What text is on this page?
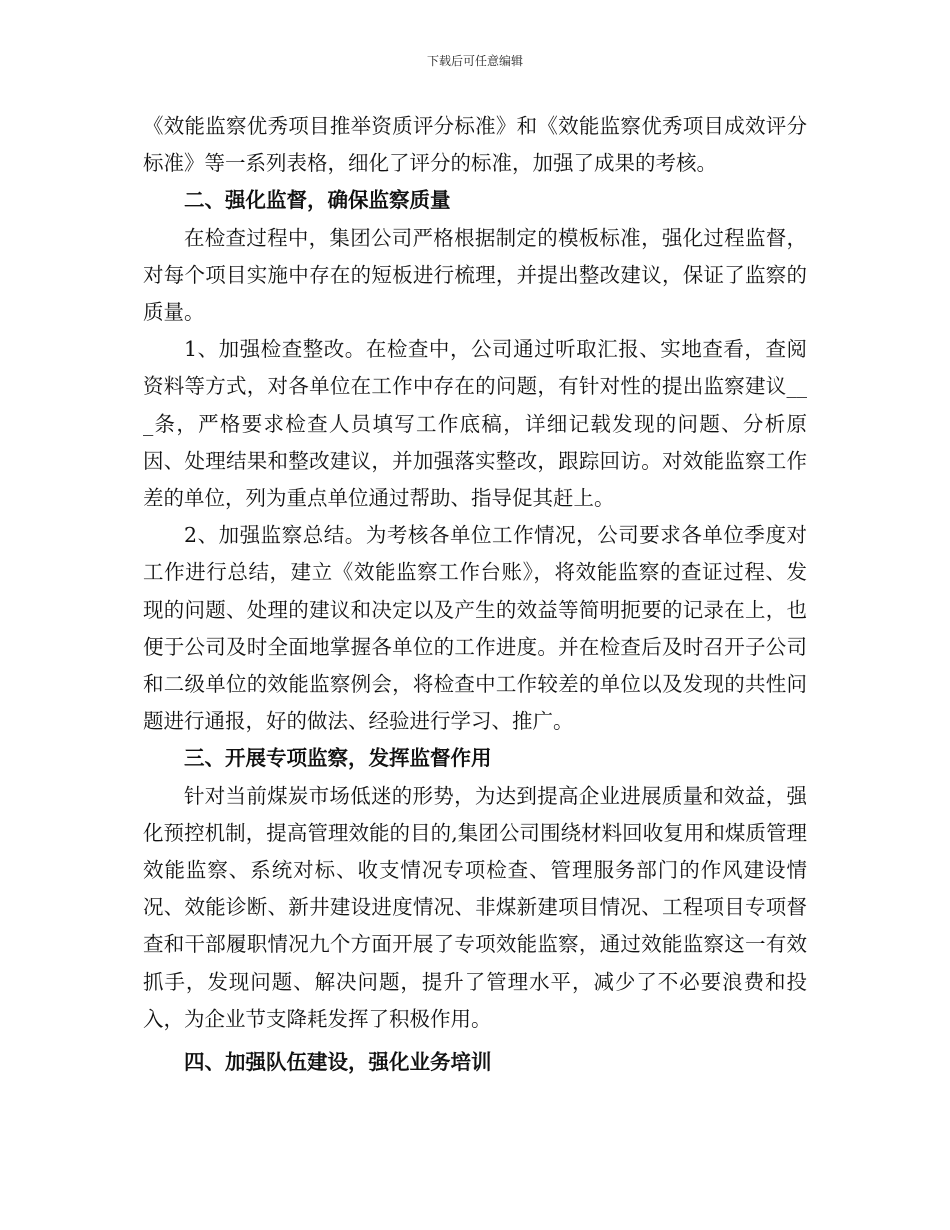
下载后可任意编辑

《效能监察优秀项目推举资质评分标准》和《效能监察优秀项目成效评分标准》等一系列表格，细化了评分的标准，加强了成果的考核。

二、强化监督，确保监察质量

在检查过程中，集团公司严格根据制定的模板标准，强化过程监督，对每个项目实施中存在的短板进行梳理，并提出整改建议，保证了监察的质量。

1、加强检查整改。在检查中，公司通过听取汇报、实地查看，查阅资料等方式，对各单位在工作中存在的问题，有针对性的提出监察建议___条，严格要求检查人员填写工作底稿，详细记载发现的问题、分析原因、处理结果和整改建议，并加强落实整改，跟踪回访。对效能监察工作差的单位，列为重点单位通过帮助、指导促其赶上。

2、加强监察总结。为考核各单位工作情况，公司要求各单位季度对工作进行总结，建立《效能监察工作台账》，将效能监察的查证过程、发现的问题、处理的建议和决定以及产生的效益等简明扼要的记录在上，也便于公司及时全面地掌握各单位的工作进度。并在检查后及时召开子公司和二级单位的效能监察例会，将检查中工作较差的单位以及发现的共性问题进行通报，好的做法、经验进行学习、推广。

三、开展专项监察，发挥监督作用

针对当前煤炭市场低迷的形势，为达到提高企业进展质量和效益，强化预控机制，提高管理效能的目的,集团公司围绕材料回收复用和煤质管理效能监察、系统对标、收支情况专项检查、管理服务部门的作风建设情况、效能诊断、新井建设进度情况、非煤新建项目情况、工程项目专项督查和干部履职情况九个方面开展了专项效能监察，通过效能监察这一有效抓手，发现问题、解决问题，提升了管理水平，减少了不必要浪费和投入，为企业节支降耗发挥了积极作用。

四、加强队伍建设，强化业务培训
